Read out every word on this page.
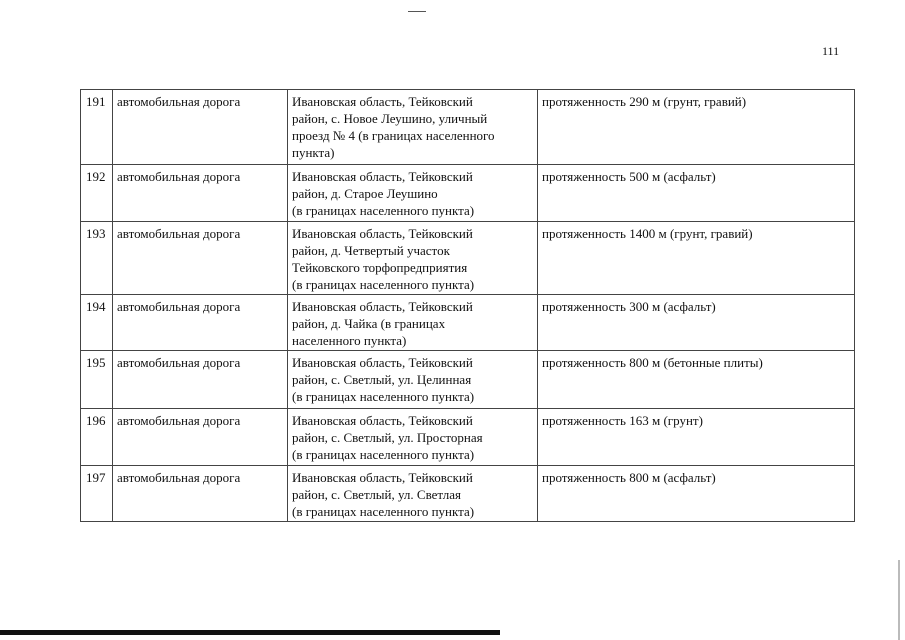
111
191	автомобильная дорога	Ивановская область, Тейковский
район, с. Новое Леушино, уличный
проезд № 4 (в границах населенного
пункта)	протяженность 290 м (грунт, гравий)
192	автомобильная дорога	Ивановская область, Тейковский
район, д. Старое Леушино
(в границах населенного пункта)	протяженность 500 м (асфальт)
193	автомобильная дорога	Ивановская область, Тейковский
район, д. Четвертый участок
Тейковского торфопредприятия
(в границах населенного пункта)	протяженность 1400 м (грунт, гравий)
194	автомобильная дорога	Ивановская область, Тейковский
район, д. Чайка (в границах
населенного пункта)	протяженность 300 м (асфальт)
195	автомобильная дорога	Ивановская область, Тейковский
район, с. Светлый, ул. Целинная
(в границах населенного пункта)	протяженность 800 м (бетонные плиты)
196	автомобильная дорога	Ивановская область, Тейковский
район, с. Светлый, ул. Просторная
(в границах населенного пункта)	протяженность 163 м (грунт)
197	автомобильная дорога	Ивановская область, Тейковский
район, с. Светлый, ул. Светлая
(в границах населенного пункта)	протяженность 800 м (асфальт)
